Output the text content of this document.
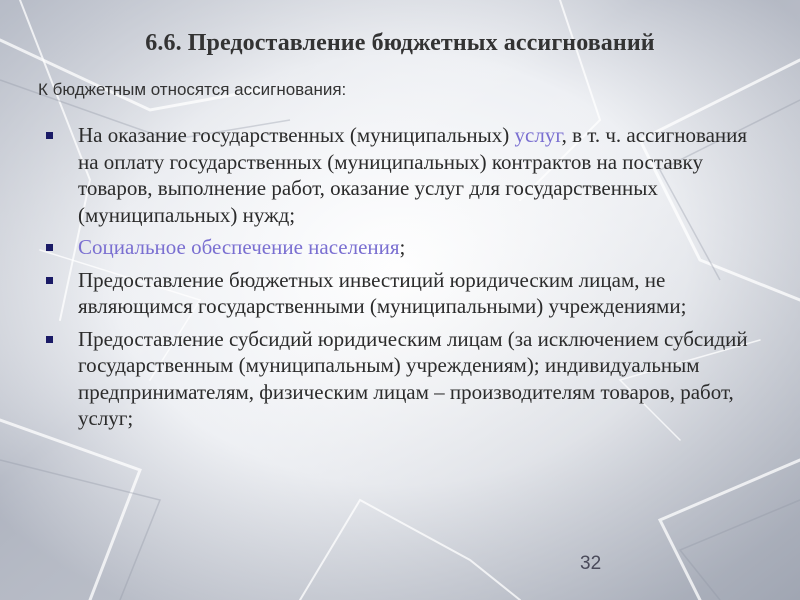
6.6. Предоставление бюджетных ассигнований
К бюджетным относятся ассигнования:
На оказание государственных (муниципальных) услуг, в т. ч. ассигнования на оплату государственных (муниципальных) контрактов на поставку товаров, выполнение работ, оказание услуг для государственных (муниципальных) нужд;
Социальное обеспечение населения;
Предоставление бюджетных инвестиций юридическим лицам, не являющимся государственными (муниципальными) учреждениями;
Предоставление субсидий юридическим лицам (за исключением субсидий государственным (муниципальным) учреждениям); индивидуальным предпринимателям, физическим лицам – производителям товаров, работ, услуг;
32
